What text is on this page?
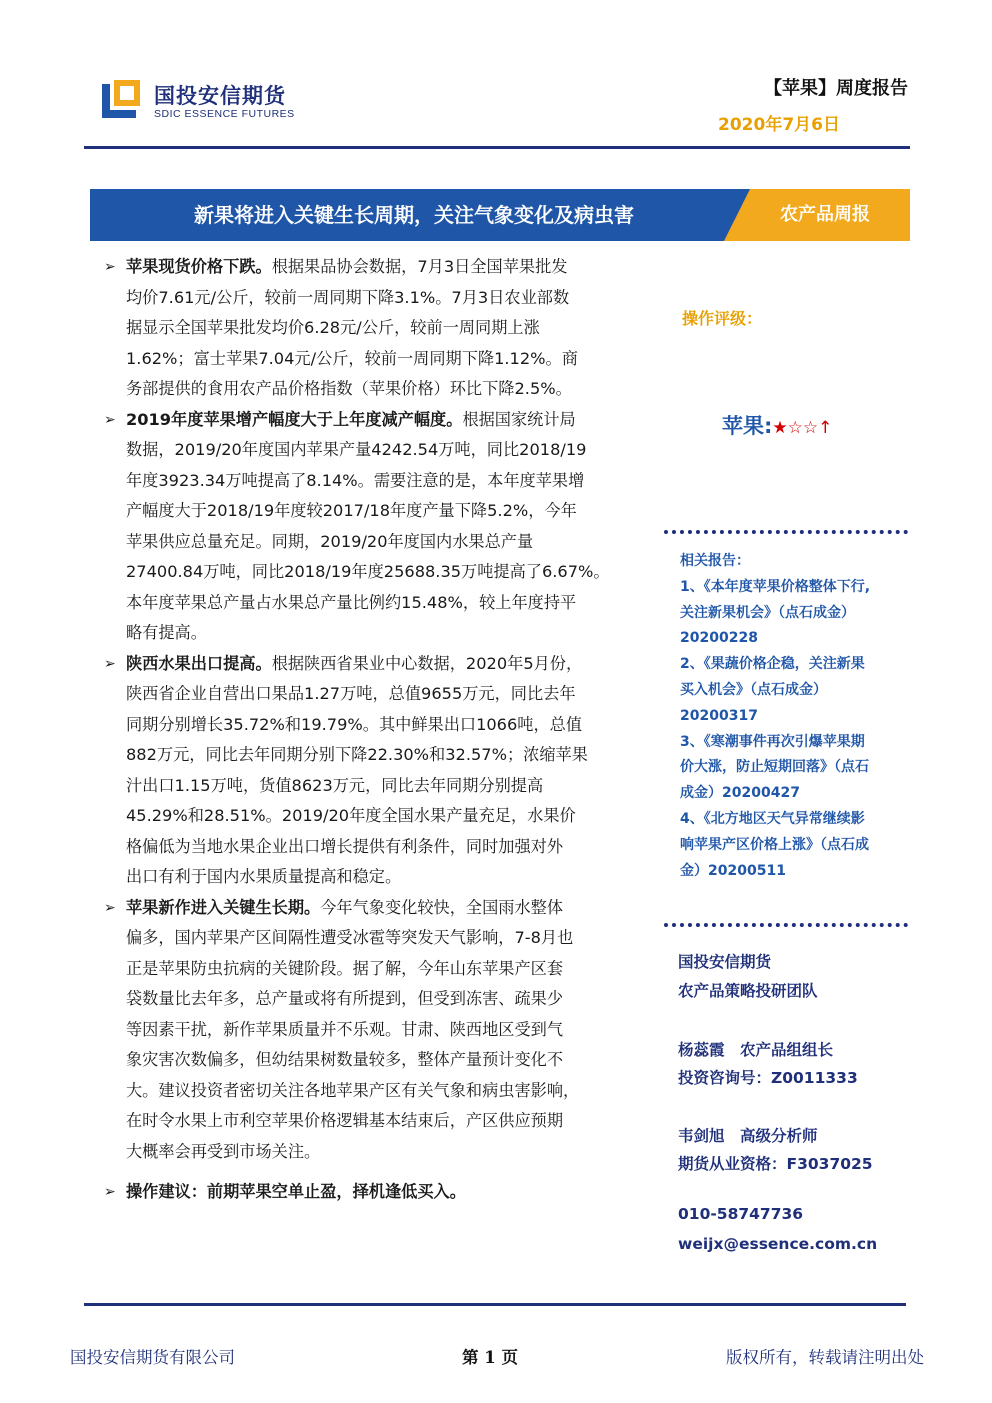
国投安信期货
SDIC ESSENCE FUTURES
【苹果】周度报告
2020年7月6日
新果将进入关键生长周期，关注气象变化及病虫害	农产品周报
➢ 苹果现货价格下跌。根据果品协会数据，7月3日全国苹果批发
均价7.61元/公斤，较前一周同期下降3.1%。7月3日农业部数
据显示全国苹果批发均价6.28元/公斤，较前一周同期上涨
1.62%；富士苹果7.04元/公斤，较前一周同期下降1.12%。商
务部提供的食用农产品价格指数（苹果价格）环比下降2.5%。
➢ 2019年度苹果增产幅度大于上年度减产幅度。根据国家统计局
数据，2019/20年度国内苹果产量4242.54万吨，同比2018/19
年度3923.34万吨提高了8.14%。需要注意的是，本年度苹果增
产幅度大于2018/19年度较2017/18年度产量下降5.2%，今年
苹果供应总量充足。同期，2019/20年度国内水果总产量
27400.84万吨，同比2018/19年度25688.35万吨提高了6.67%。
本年度苹果总产量占水果总产量比例约15.48%，较上年度持平
略有提高。
➢ 陕西水果出口提高。根据陕西省果业中心数据，2020年5月份，
陕西省企业自营出口果品1.27万吨，总值9655万元，同比去年
同期分别增长35.72%和19.79%。其中鲜果出口1066吨，总值
882万元，同比去年同期分别下降22.30%和32.57%；浓缩苹果
汁出口1.15万吨，货值8623万元，同比去年同期分别提高
45.29%和28.51%。2019/20年度全国水果产量充足，水果价
格偏低为当地水果企业出口增长提供有利条件，同时加强对外
出口有利于国内水果质量提高和稳定。
➢ 苹果新作进入关键生长期。今年气象变化较快，全国雨水整体
偏多，国内苹果产区间隔性遭受冰雹等突发天气影响，7-8月也
正是苹果防虫抗病的关键阶段。据了解，今年山东苹果产区套
袋数量比去年多，总产量或将有所提到，但受到冻害、疏果少
等因素干扰，新作苹果质量并不乐观。甘肃、陕西地区受到气
象灾害次数偏多，但幼结果树数量较多，整体产量预计变化不
大。建议投资者密切关注各地苹果产区有关气象和病虫害影响，
在时令水果上市利空苹果价格逻辑基本结束后，产区供应预期
大概率会再受到市场关注。
➢ 操作建议：前期苹果空单止盈，择机逢低买入。
操作评级：
苹果:★☆☆↑
相关报告：
1、《本年度苹果价格整体下行,
关注新果机会》（点石成金）
20200228
2、《果蔬价格企稳，关注新果
买入机会》（点石成金）
20200317
3、《寒潮事件再次引爆苹果期
价大涨，防止短期回落》（点石
成金）20200427
4、《北方地区天气异常继续影
响苹果产区价格上涨》（点石成
金）20200511
国投安信期货
农产品策略投研团队
杨蕊霞　农产品组组长
投资咨询号：Z0011333
韦剑旭　高级分析师
期货从业资格：F3037025
010-58747736
weijx@essence.com.cn
国投安信期货有限公司	第 1 页	版权所有，转载请注明出处
